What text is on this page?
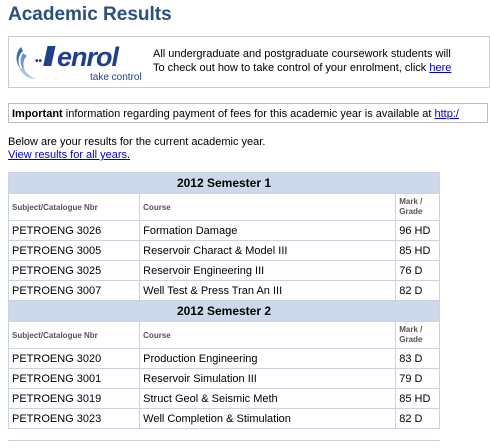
Academic Results
•• enrol
take control
All undergraduate and postgraduate coursework students will
To check out how to take control of your enrolment, click here
Important information regarding payment of fees for this academic year is available at http:/
Below are your results for the current academic year.
View results for all years.
2012 Semester 1		
Subject/Catalogue Nbr	Course	Mark /
Grade

PETROENG 3026	Formation Damage	96 HD
PETROENG 3005	Reservoir Charact & Model III	85 HD
PETROENG 3025	Reservoir Engineering III	76 D
PETROENG 3007	Well Test & Press Tran An III	82 D
2012 Semester 2		
Subject/Catalogue Nbr	Course	Mark /
Grade

PETROENG 3020	Production Engineering	83 D
PETROENG 3001	Reservoir Simulation III	79 D
PETROENG 3019	Struct Geol & Seismic Meth	85 HD
PETROENG 3023	Well Completion & Stimulation	82 D
